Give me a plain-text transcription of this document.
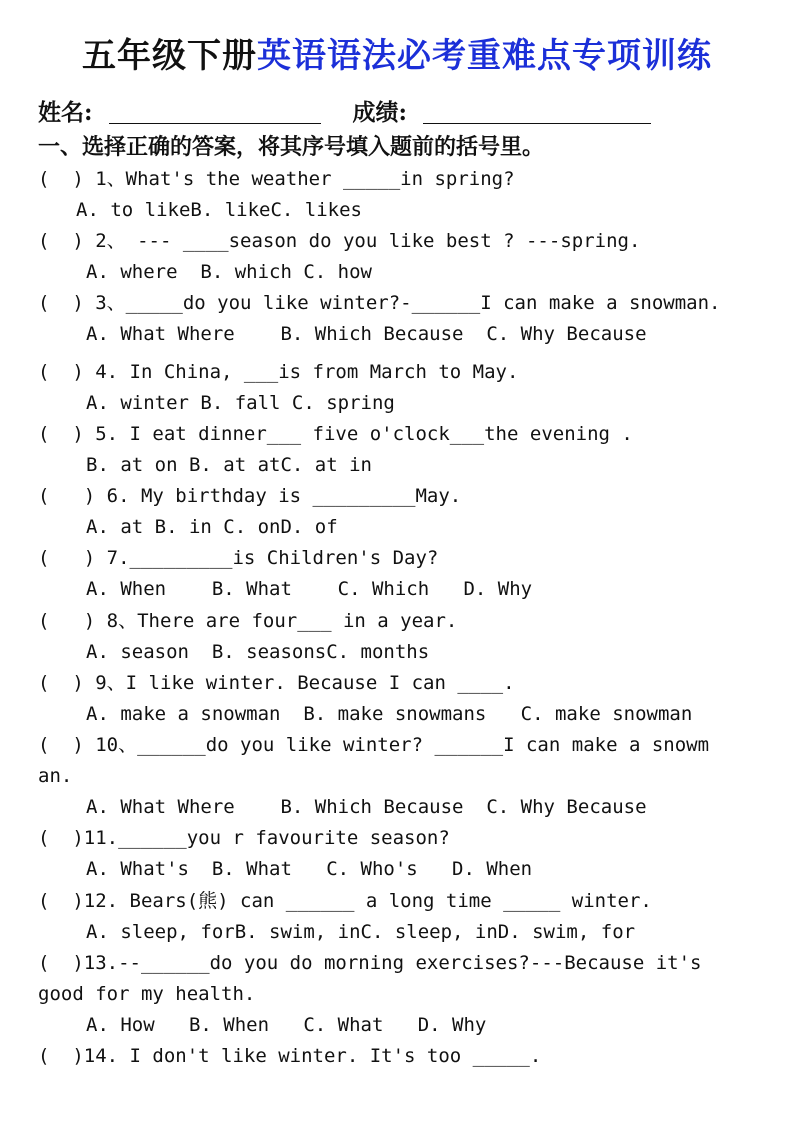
五年级下册英语语法必考重难点专项训练
姓名:	成绩:
一、选择正确的答案，将其序号填入题前的括号里。
(  ) 1、What's the weather _____in spring?
A. to likeB. likeC. likes
(  ) 2、 --- ____season do you like best ? ---spring.
A. where  B. which C. how
(  ) 3、_____do you like winter?-______I can make a snowman.
A. What Where    B. Which Because  C. Why Because
(  ) 4. In China, ___is from March to May.
A. winter B. fall C. spring
(  ) 5. I eat dinner___ five o'clock___the evening .
B. at on B. at atC. at in
(   ) 6. My birthday is _________May.
A. at B. in C. onD. of
(   ) 7._________is Children's Day?
A. When    B. What    C. Which   D. Why
(   ) 8、There are four___ in a year.
A. season  B. seasonsC. months
(  ) 9、I like winter. Because I can ____.
A. make a snowman  B. make snowmans   C. make snowman
(  ) 10、______do you like winter? ______I can make a snowm
an.
A. What Where    B. Which Because  C. Why Because
(  )11.______you r favourite season?
A. What's  B. What   C. Who's   D. When
(  )12. Bears(熊) can ______ a long time _____ winter.
A. sleep, forB. swim, inC. sleep, inD. swim, for
(  )13.--______do you do morning exercises?---Because it's
good for my health.
A. How   B. When   C. What   D. Why
(  )14. I don't like winter. It's too _____.
